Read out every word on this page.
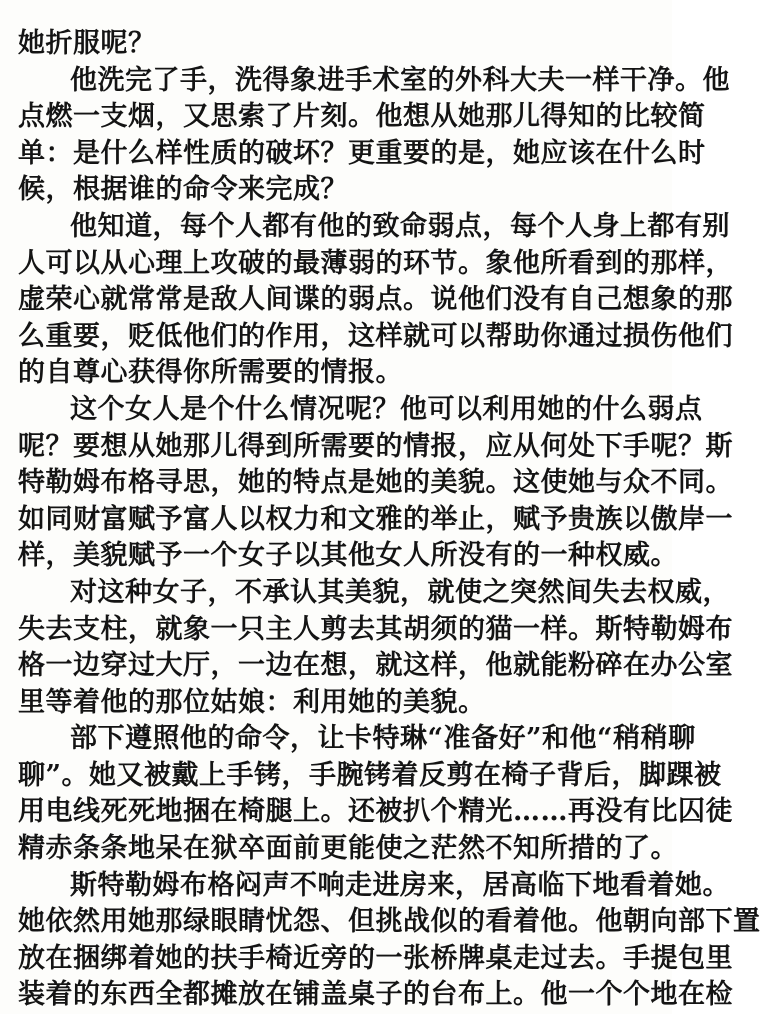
她折服呢？
他洗完了手，洗得象进手术室的外科大夫一样干净。他
点燃一支烟，又思索了片刻。他想从她那儿得知的比较简
单：是什么样性质的破坏？更重要的是，她应该在什么时
候，根据谁的命令来完成？
他知道，每个人都有他的致命弱点，每个人身上都有别
人可以从心理上攻破的最薄弱的环节。象他所看到的那样，
虚荣心就常常是敌人间谍的弱点。说他们没有自己想象的那
么重要，贬低他们的作用，这样就可以帮助你通过损伤他们
的自尊心获得你所需要的情报。
这个女人是个什么情况呢？他可以利用她的什么弱点
呢？要想从她那儿得到所需要的情报，应从何处下手呢？斯
特勒姆布格寻思，她的特点是她的美貌。这使她与众不同。
如同财富赋予富人以权力和文雅的举止，赋予贵族以傲岸一
样，美貌赋予一个女子以其他女人所没有的一种权威。
对这种女子，不承认其美貌，就使之突然间失去权威，
失去支柱，就象一只主人剪去其胡须的猫一样。斯特勒姆布
格一边穿过大厅，一边在想，就这样，他就能粉碎在办公室
里等着他的那位姑娘：利用她的美貌。
部下遵照他的命令，让卡特琳“准备好”和他“稍稍聊
聊”。她又被戴上手铐，手腕铐着反剪在椅子背后，脚踝被
用电线死死地捆在椅腿上。还被扒个精光……再没有比囚徒
精赤条条地呆在狱卒面前更能使之茫然不知所措的了。
斯特勒姆布格闷声不响走进房来，居高临下地看着她。
她依然用她那绿眼睛忧怨、但挑战似的看着他。他朝向部下置
放在捆绑着她的扶手椅近旁的一张桥牌桌走过去。手提包里
装着的东西全都摊放在铺盖桌子的台布上。他一个个地在检
